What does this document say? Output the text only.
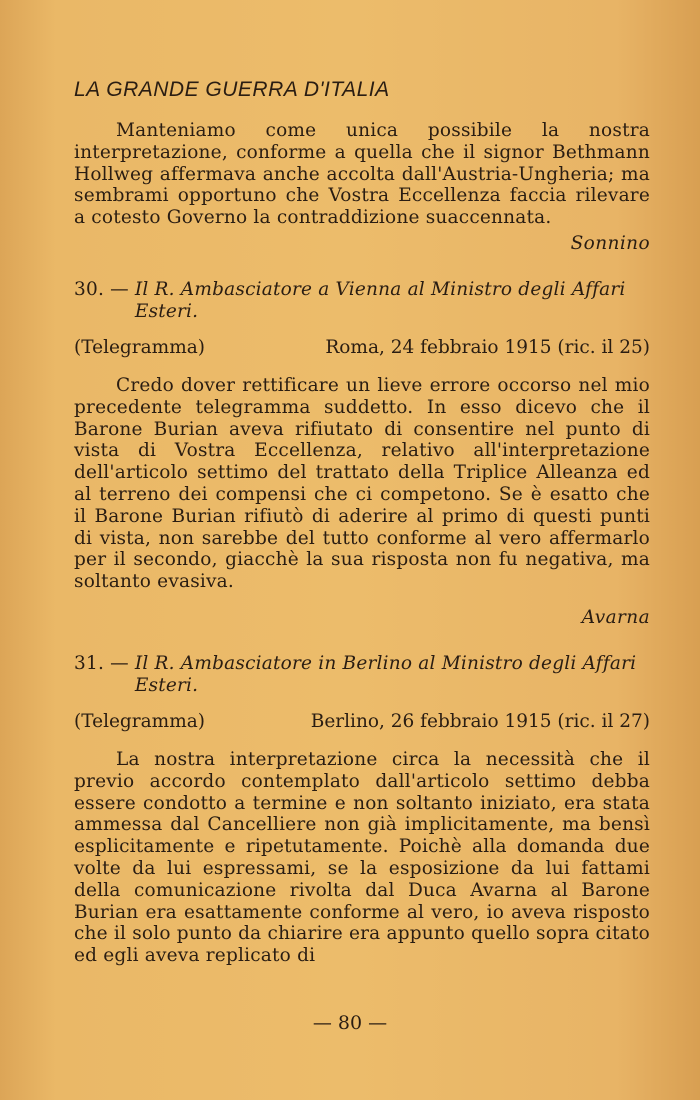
LA GRANDE GUERRA D'ITALIA

Manteniamo come unica possibile la nostra interpretazione, conforme a quella che il signor Bethmann Hollweg affermava anche accolta dall'Austria-Ungheria; ma sembrami opportuno che Vostra Eccellenza faccia rilevare a cotesto Governo la contraddizione suaccennata.

Sonnino
30. — Il R. Ambasciatore a Vienna al Ministro degli Affari Esteri.
(Telegramma)	Roma, 24 febbraio 1915 (ric. il 25)

Credo dover rettificare un lieve errore occorso nel mio precedente telegramma suddetto. In esso dicevo che il Barone Burian aveva rifiutato di consentire nel punto di vista di Vostra Eccellenza, relativo all'interpretazione dell'articolo settimo del trattato della Triplice Alleanza ed al terreno dei compensi che ci competono. Se è esatto che il Barone Burian rifiutò di aderire al primo di questi punti di vista, non sarebbe del tutto conforme al vero affermarlo per il secondo, giacchè la sua risposta non fu negativa, ma soltanto evasiva.

Avarna
31. — Il R. Ambasciatore in Berlino al Ministro degli Affari Esteri.
(Telegramma)	Berlino, 26 febbraio 1915 (ric. il 27)

La nostra interpretazione circa la necessità che il previo accordo contemplato dall'articolo settimo debba essere condotto a termine e non soltanto iniziato, era stata ammessa dal Cancelliere non già implicitamente, ma bensì esplicitamente e ripetutamente. Poichè alla domanda due volte da lui espressami, se la esposizione da lui fattami della comunicazione rivolta dal Duca Avarna al Barone Burian era esattamente conforme al vero, io aveva risposto che il solo punto da chiarire era appunto quello sopra citato ed egli aveva replicato di

— 80 —
